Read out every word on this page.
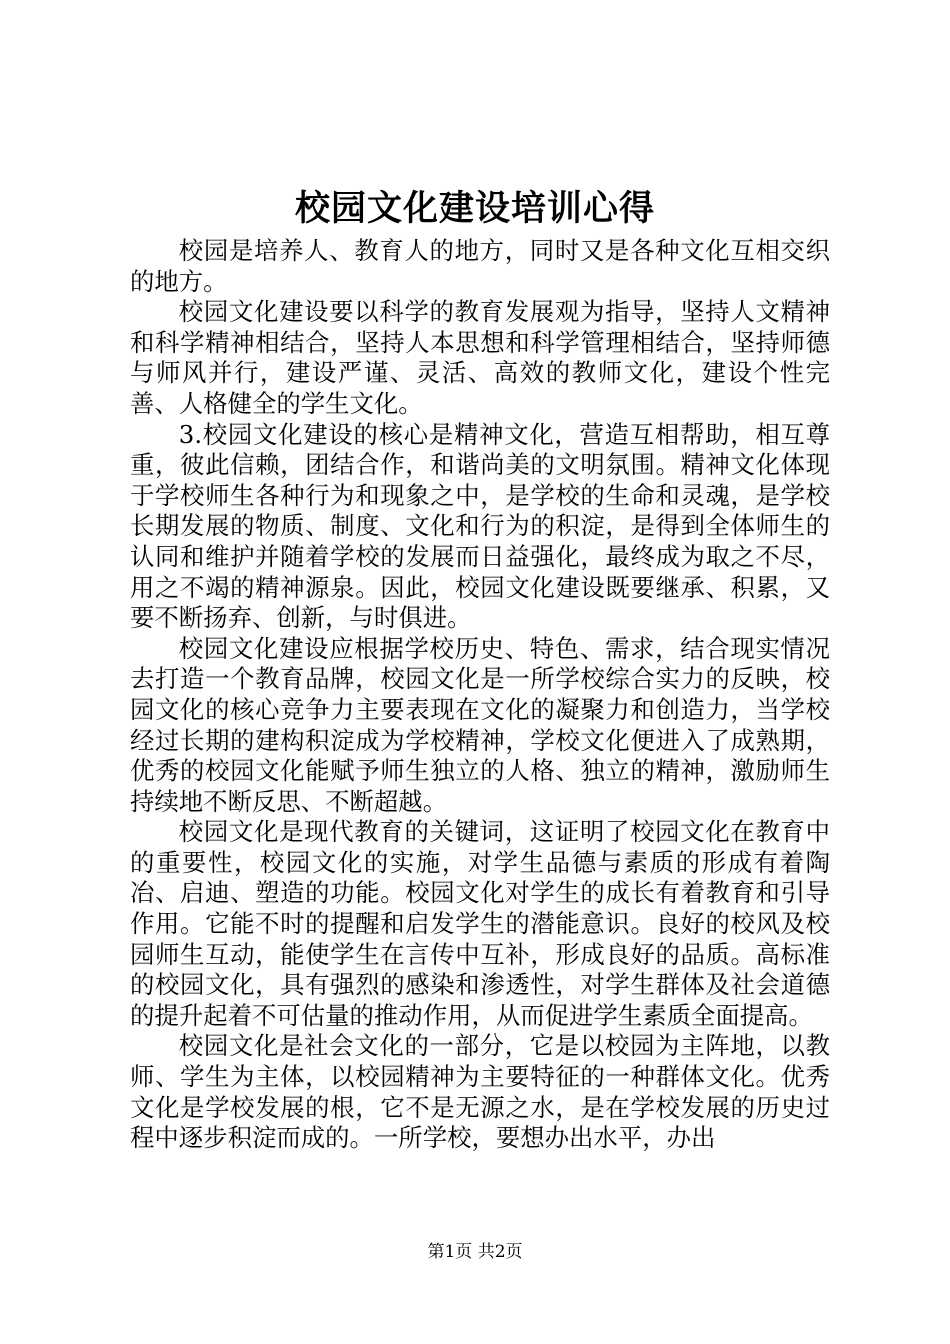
校园文化建设培训心得

校园是培养人、教育人的地方，同时又是各种文化互相交织的地方。

校园文化建设要以科学的教育发展观为指导，坚持人文精神和科学精神相结合，坚持人本思想和科学管理相结合，坚持师德与师风并行，建设严谨、灵活、高效的教师文化，建设个性完善、人格健全的学生文化。

3.校园文化建设的核心是精神文化，营造互相帮助，相互尊重，彼此信赖，团结合作，和谐尚美的文明氛围。精神文化体现于学校师生各种行为和现象之中，是学校的生命和灵魂，是学校长期发展的物质、制度、文化和行为的积淀，是得到全体师生的认同和维护并随着学校的发展而日益强化，最终成为取之不尽，用之不竭的精神源泉。因此，校园文化建设既要继承、积累，又要不断扬弃、创新，与时俱进。

校园文化建设应根据学校历史、特色、需求，结合现实情况去打造一个教育品牌，校园文化是一所学校综合实力的反映，校园文化的核心竞争力主要表现在文化的凝聚力和创造力，当学校经过长期的建构积淀成为学校精神，学校文化便进入了成熟期，优秀的校园文化能赋予师生独立的人格、独立的精神，激励师生持续地不断反思、不断超越。

校园文化是现代教育的关键词，这证明了校园文化在教育中的重要性，校园文化的实施，对学生品德与素质的形成有着陶冶、启迪、塑造的功能。校园文化对学生的成长有着教育和引导作用。它能不时的提醒和启发学生的潜能意识。良好的校风及校园师生互动，能使学生在言传中互补，形成良好的品质。高标准的校园文化，具有强烈的感染和渗透性，对学生群体及社会道德的提升起着不可估量的推动作用，从而促进学生素质全面提高。

校园文化是社会文化的一部分，它是以校园为主阵地，以教师、学生为主体，以校园精神为主要特征的一种群体文化。优秀文化是学校发展的根，它不是无源之水，是在学校发展的历史过程中逐步积淀而成的。一所学校，要想办出水平，办出

第1页 共2页
